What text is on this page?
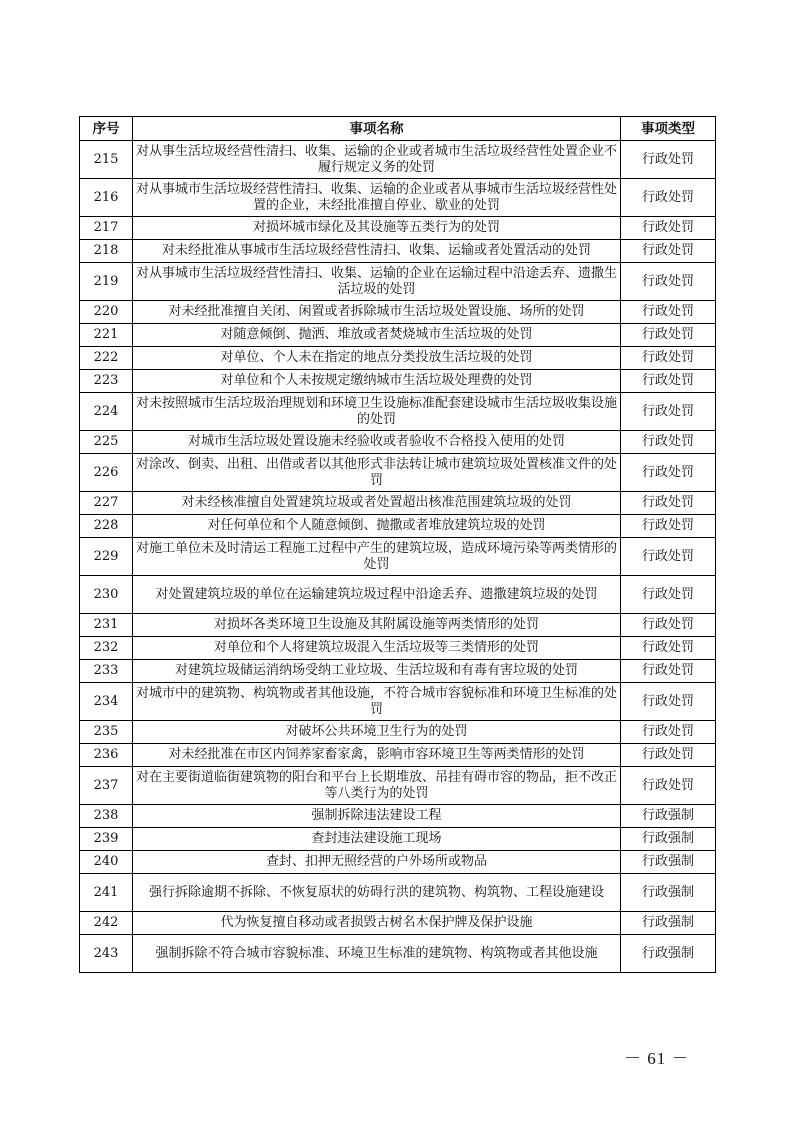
序号	事项名称	事项类型
215	对从事生活垃圾经营性清扫、收集、运输的企业或者城市生活垃圾经营性处置企业不履行规定义务的处罚	行政处罚
216	对从事城市生活垃圾经营性清扫、收集、运输的企业或者从事城市生活垃圾经营性处置的企业，未经批准擅自停业、歇业的处罚	行政处罚
217	对损坏城市绿化及其设施等五类行为的处罚	行政处罚
218	对未经批准从事城市生活垃圾经营性清扫、收集、运输或者处置活动的处罚	行政处罚
219	对从事城市生活垃圾经营性清扫、收集、运输的企业在运输过程中沿途丢弃、遗撒生活垃圾的处罚	行政处罚
220	对未经批准擅自关闭、闲置或者拆除城市生活垃圾处置设施、场所的处罚	行政处罚
221	对随意倾倒、抛洒、堆放或者焚烧城市生活垃圾的处罚	行政处罚
222	对单位、个人未在指定的地点分类投放生活垃圾的处罚	行政处罚
223	对单位和个人未按规定缴纳城市生活垃圾处理费的处罚	行政处罚
224	对未按照城市生活垃圾治理规划和环境卫生设施标准配套建设城市生活垃圾收集设施的处罚	行政处罚
225	对城市生活垃圾处置设施未经验收或者验收不合格投入使用的处罚	行政处罚
226	对涂改、倒卖、出租、出借或者以其他形式非法转让城市建筑垃圾处置核准文件的处罚	行政处罚
227	对未经核准擅自处置建筑垃圾或者处置超出核准范围建筑垃圾的处罚	行政处罚
228	对任何单位和个人随意倾倒、抛撒或者堆放建筑垃圾的处罚	行政处罚
229	对施工单位未及时清运工程施工过程中产生的建筑垃圾，造成环境污染等两类情形的处罚	行政处罚
230	对处置建筑垃圾的单位在运输建筑垃圾过程中沿途丢弃、遗撒建筑垃圾的处罚	行政处罚
231	对损坏各类环境卫生设施及其附属设施等两类情形的处罚	行政处罚
232	对单位和个人将建筑垃圾混入生活垃圾等三类情形的处罚	行政处罚
233	对建筑垃圾储运消纳场受纳工业垃圾、生活垃圾和有毒有害垃圾的处罚	行政处罚
234	对城市中的建筑物、构筑物或者其他设施，不符合城市容貌标准和环境卫生标准的处罚	行政处罚
235	对破坏公共环境卫生行为的处罚	行政处罚
236	对未经批准在市区内饲养家畜家禽，影响市容环境卫生等两类情形的处罚	行政处罚
237	对在主要街道临街建筑物的阳台和平台上长期堆放、吊挂有碍市容的物品，拒不改正等八类行为的处罚	行政处罚
238	强制拆除违法建设工程	行政强制
239	查封违法建设施工现场	行政强制
240	查封、扣押无照经营的户外场所或物品	行政强制
241	强行拆除逾期不拆除、不恢复原状的妨碍行洪的建筑物、构筑物、工程设施建设	行政强制
242	代为恢复擅自移动或者损毁古树名木保护牌及保护设施	行政强制
243	强制拆除不符合城市容貌标准、环境卫生标准的建筑物、构筑物或者其他设施	行政强制
－ 61 －
